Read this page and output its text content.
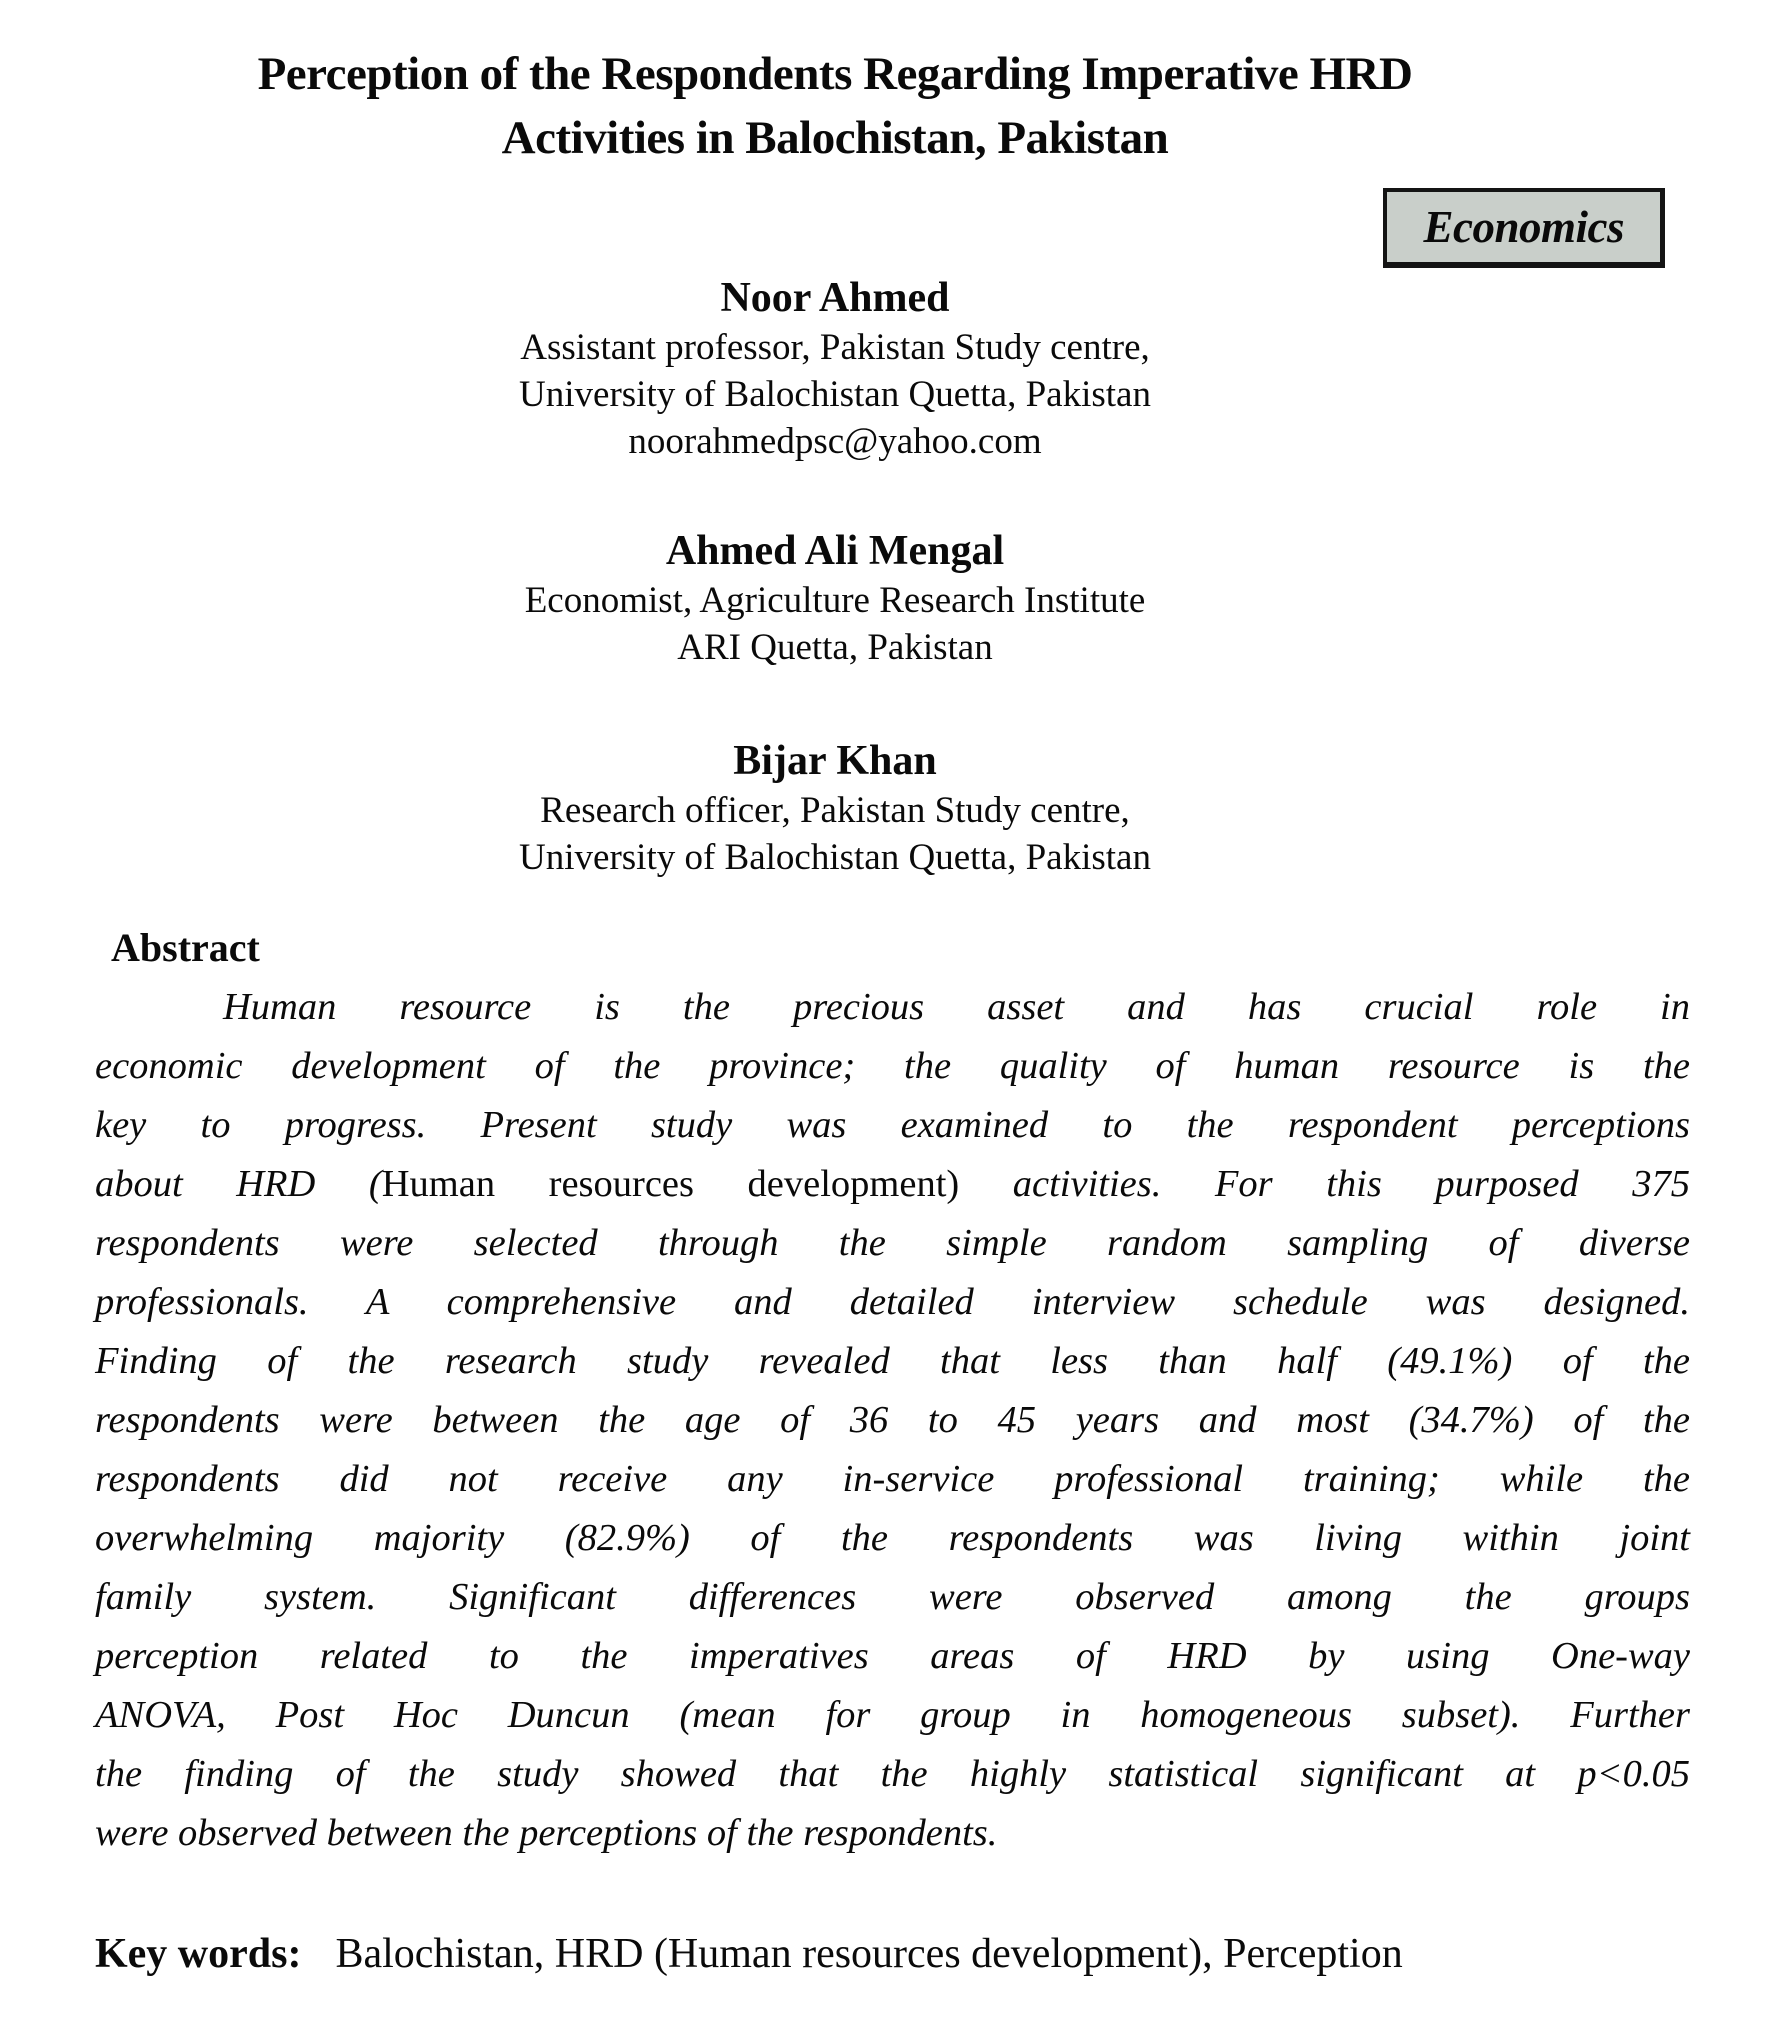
Perception of the Respondents Regarding Imperative HRD
Activities in Balochistan, Pakistan
Economics
Noor Ahmed
Assistant professor, Pakistan Study centre,
University of Balochistan Quetta, Pakistan
noorahmedpsc@yahoo.com
Ahmed Ali Mengal
Economist, Agriculture Research Institute
ARI Quetta, Pakistan
Bijar Khan
Research officer, Pakistan Study centre,
University of Balochistan Quetta, Pakistan
Abstract
Human resource is the precious asset and has crucial role in
economic development of the province; the quality of human resource is the
key to progress. Present study was examined to the respondent perceptions
about HRD (Human resources development) activities. For this purposed 375
respondents were selected through the simple random sampling of diverse
professionals. A comprehensive and detailed interview schedule was designed.
Finding of the research study revealed that less than half (49.1%) of the
respondents were between the age of 36 to 45 years and most (34.7%) of the
respondents did not receive any in-service professional training; while the
overwhelming majority (82.9%) of the respondents was living within joint
family system. Significant differences were observed among the groups
perception related to the imperatives areas of HRD by using One-way
ANOVA, Post Hoc Duncun (mean for group in homogeneous subset). Further
the finding of the study showed that the highly statistical significant at p<0.05
were observed between the perceptions of the respondents.
Key words: Balochistan, HRD (Human resources development), Perception
